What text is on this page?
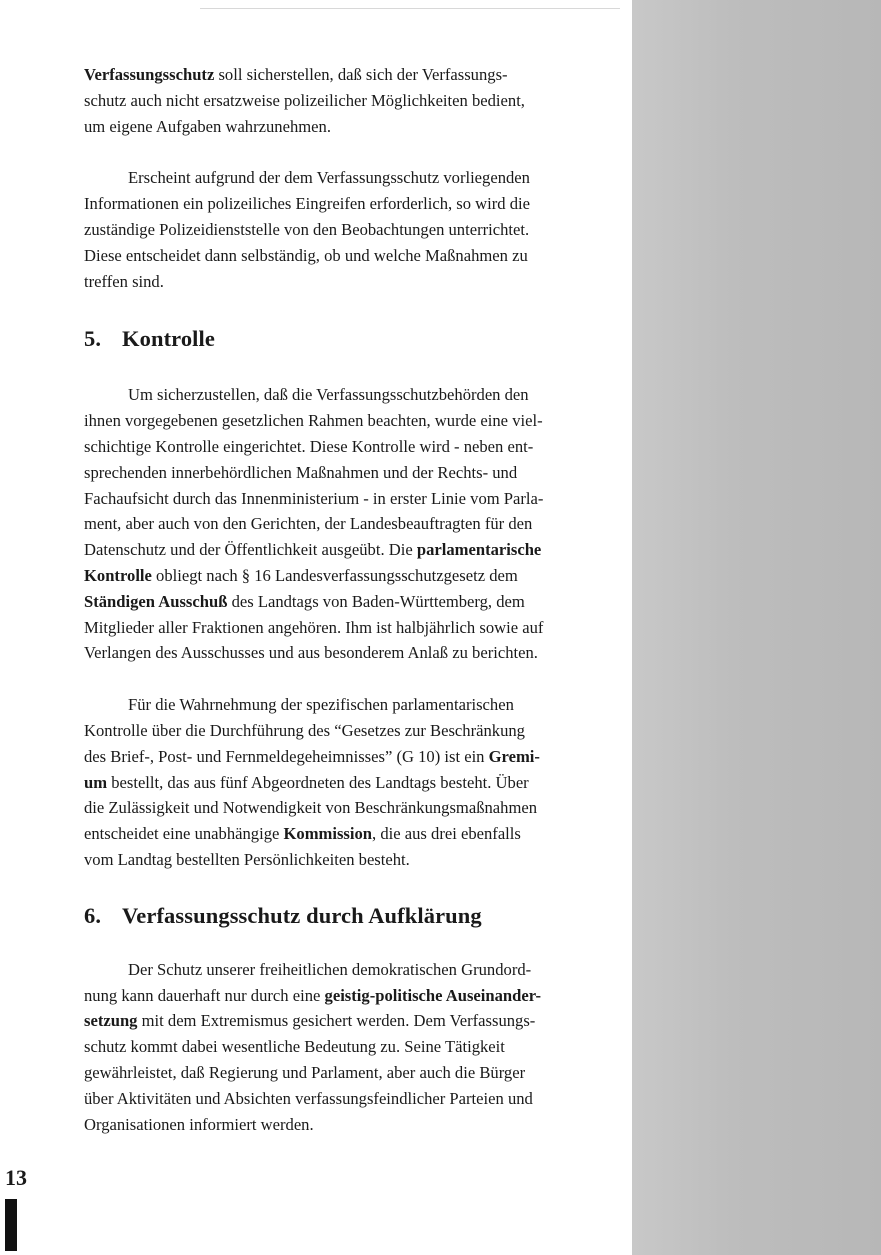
Verfassungsschutz soll sicherstellen, daß sich der Verfassungs-
schutz auch nicht ersatzweise polizeilicher Möglichkeiten bedient,
um eigene Aufgaben wahrzunehmen.

Erscheint aufgrund der dem Verfassungsschutz vorliegenden
Informationen ein polizeiliches Eingreifen erforderlich, so wird die
zuständige Polizeidienststelle von den Beobachtungen unterrichtet.
Diese entscheidet dann selbständig, ob und welche Maßnahmen zu
treffen sind.

5. Kontrolle

Um sicherzustellen, daß die Verfassungsschutzbehörden den
ihnen vorgegebenen gesetzlichen Rahmen beachten, wurde eine viel-
schichtige Kontrolle eingerichtet. Diese Kontrolle wird - neben ent-
sprechenden innerbehördlichen Maßnahmen und der Rechts- und
Fachaufsicht durch das Innenministerium - in erster Linie vom Parla-
ment, aber auch von den Gerichten, der Landesbeauftragten für den
Datenschutz und der Öffentlichkeit ausgeübt. Die parlamentarische
Kontrolle obliegt nach § 16 Landesverfassungsschutzgesetz dem
Ständigen Ausschuß des Landtags von Baden-Württemberg, dem
Mitglieder aller Fraktionen angehören. Ihm ist halbjährlich sowie auf
Verlangen des Ausschusses und aus besonderem Anlaß zu berichten.

Für die Wahrnehmung der spezifischen parlamentarischen
Kontrolle über die Durchführung des “Gesetzes zur Beschränkung
des Brief-, Post- und Fernmeldegeheimnisses” (G 10) ist ein Gremi-
um bestellt, das aus fünf Abgeordneten des Landtags besteht. Über
die Zulässigkeit und Notwendigkeit von Beschränkungsmaßnahmen
entscheidet eine unabhängige Kommission, die aus drei ebenfalls
vom Landtag bestellten Persönlichkeiten besteht.

6. Verfassungsschutz durch Aufklärung

Der Schutz unserer freiheitlichen demokratischen Grundord-
nung kann dauerhaft nur durch eine geistig-politische Auseinander-
setzung mit dem Extremismus gesichert werden. Dem Verfassungs-
schutz kommt dabei wesentliche Bedeutung zu. Seine Tätigkeit
gewährleistet, daß Regierung und Parlament, aber auch die Bürger
über Aktivitäten und Absichten verfassungsfeindlicher Parteien und
Organisationen informiert werden.

13
